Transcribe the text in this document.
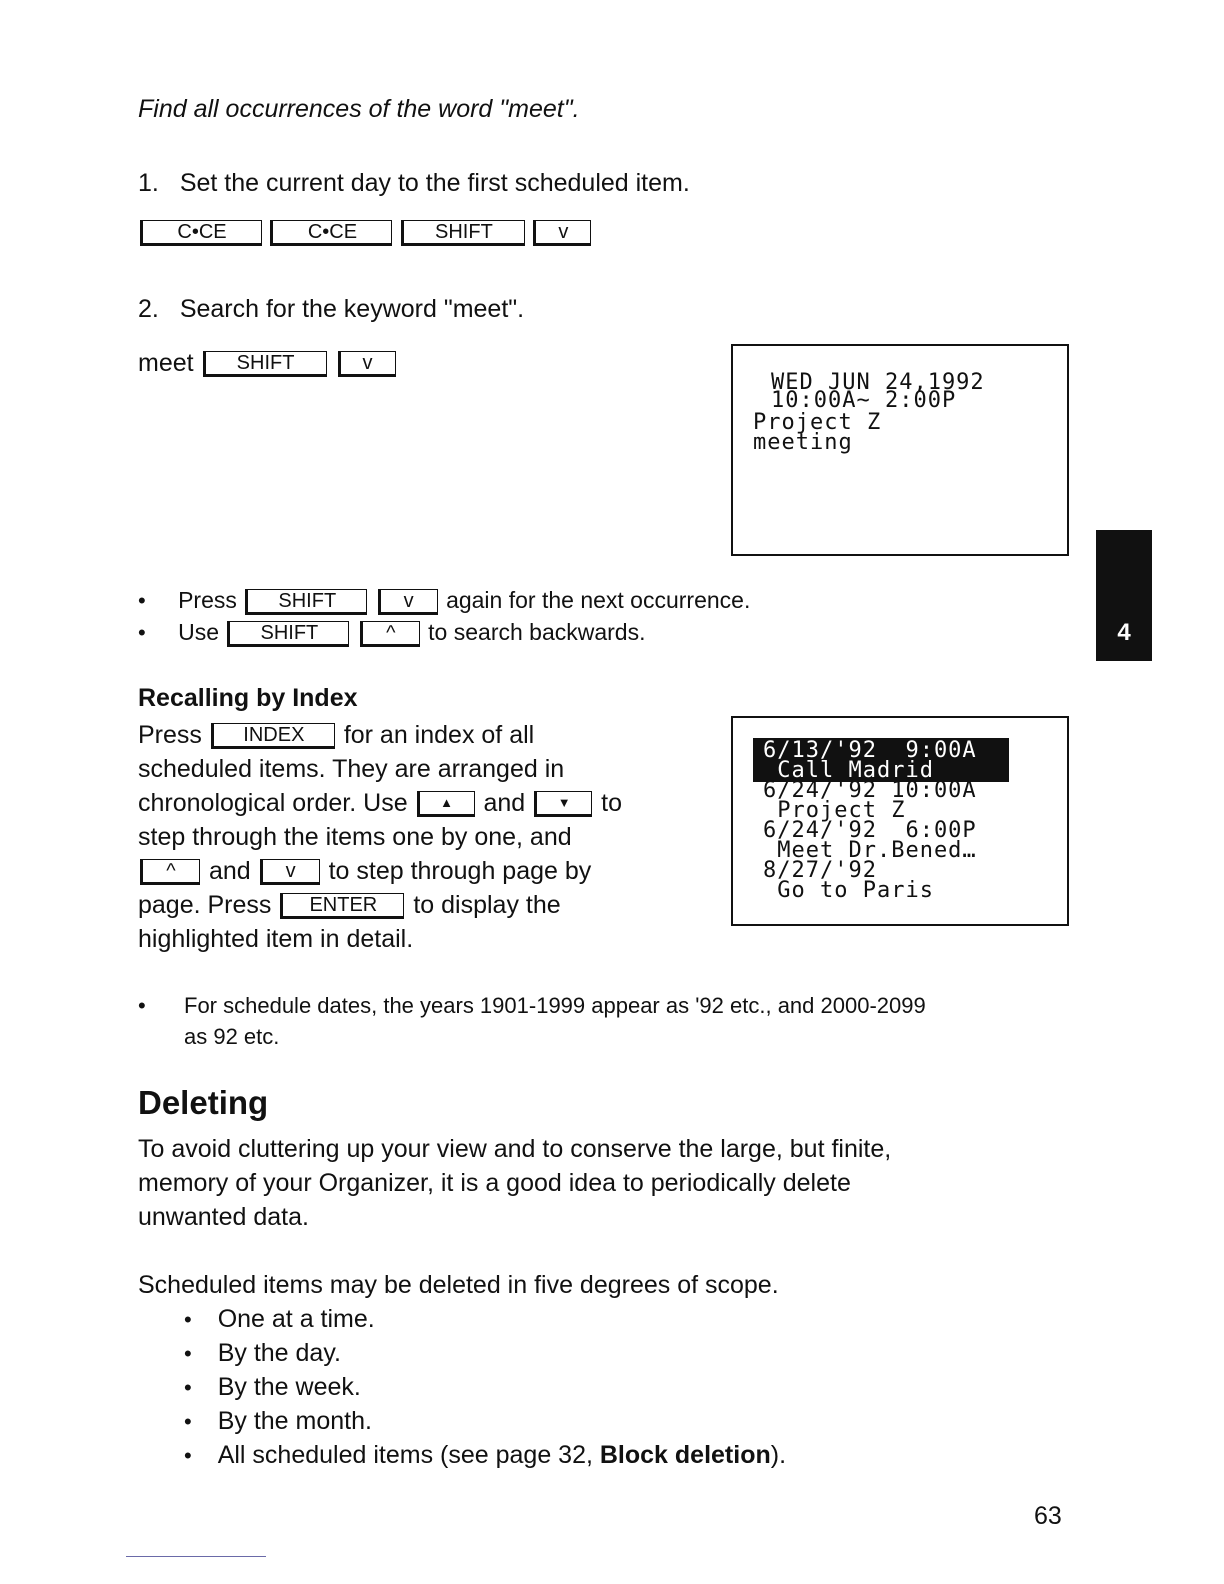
Find all occurrences of the word "meet".
1. Set the current day to the first scheduled item.
C•CE	C•CE	SHIFT	v
2. Search for the keyword "meet".
meet SHIFT	v
WED JUN 24,1992
10:00A~ 2:00P
Project Z
meeting
• Press SHIFT	v again for the next occurrence.
• Use SHIFT	^ to search backwards.	4
Recalling by Index
Press INDEX for an index of all
scheduled items. They are arranged in
chronological order. Use	▲ and	▼ to
step through the items one by one, and
^ and v to step through page by
page. Press ENTER to display the
highlighted item in detail.
6/13/'92  9:00A
Call Madrid
6/24/'92 10:00A
Project Z
6/24/'92  6:00P
Meet Dr.Bened…
8/27/'92
Go to Paris
• For schedule dates, the years 1901-1999 appear as '92 etc., and 2000-2099
as 92 etc.
Deleting
To avoid cluttering up your view and to conserve the large, but finite,
memory of your Organizer, it is a good idea to periodically delete
unwanted data.
Scheduled items may be deleted in five degrees of scope.
• One at a time.
• By the day.
• By the week.
• By the month.
• All scheduled items (see page 32, Block deletion).
63
